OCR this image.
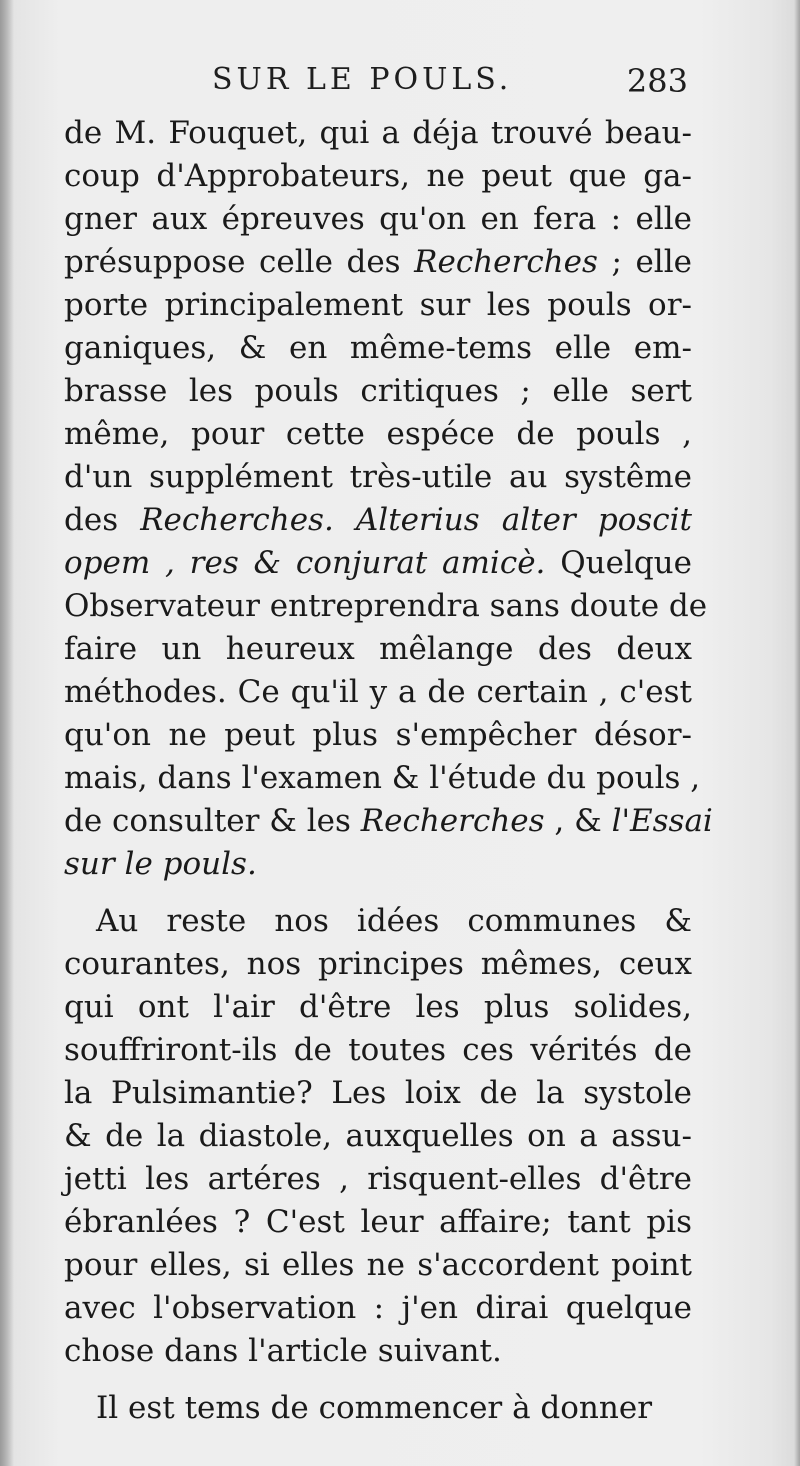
SUR LE POULS.	283
de M. Fouquet, qui a déja trouvé beau-
coup d'Approbateurs, ne peut que ga-
gner aux épreuves qu'on en fera : elle
présuppose celle des Recherches ; elle
porte principalement sur les pouls or-
ganiques, & en même-tems elle em-
brasse les pouls critiques ; elle sert
même, pour cette espéce de pouls ,
d'un supplément très-utile au systême
des Recherches. Alterius alter poscit
opem , res & conjurat amicè. Quelque
Observateur entreprendra sans doute de
faire un heureux mêlange des deux
méthodes. Ce qu'il y a de certain , c'est
qu'on ne peut plus s'empêcher désor-
mais, dans l'examen & l'étude du pouls ,
de consulter & les Recherches , & l'Essai
sur le pouls.
Au reste nos idées communes &
courantes, nos principes mêmes, ceux
qui ont l'air d'être les plus solides,
souffriront-ils de toutes ces vérités de
la Pulsimantie? Les loix de la systole
& de la diastole, auxquelles on a assu-
jetti les artéres , risquent-elles d'être
ébranlées ? C'est leur affaire; tant pis
pour elles, si elles ne s'accordent point
avec l'observation : j'en dirai quelque
chose dans l'article suivant.
Il est tems de commencer à donner
